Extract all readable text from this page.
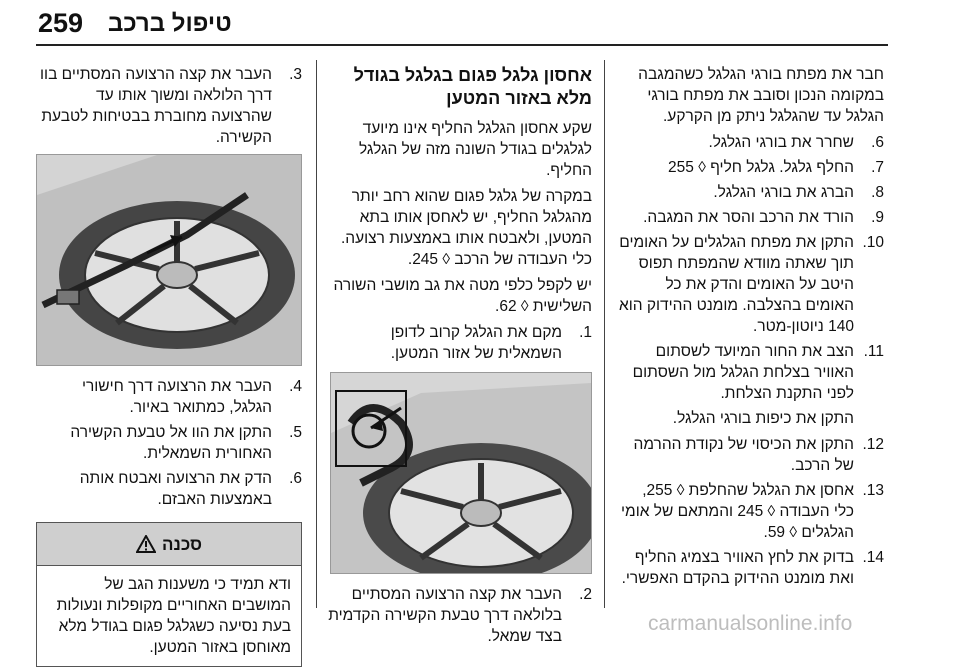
259 טיפול ברכב

חבר את מפתח בורגי הגלגל כשהמגבה במקומה הנכון וסובב את מפתח בורגי הגלגל עד שהגלגל ניתק מן הקרקע.

6.
שחרר את בורגי הגלגל.
7.
החלף גלגל. גלגל חליף ◊ 255
8.
הברג את בורגי הגלגל.
9.
הורד את הרכב והסר את המגבה.
10.
התקן את מפתח הגלגלים על האומים תוך שאתה מוודא שהמפתח תפוס היטב על האומים והדק את כל האומים בהצלבה. מומנט ההידוק הוא 140 ניוטון-מטר.
11.
הצב את החור המיועד לשסתום האוויר בצלחת הגלגל מול השסתום לפני התקנת הצלחת.

התקן את כיפות בורגי הגלגל.

12.
התקן את הכיסוי של נקודת ההרמה של הרכב.
13.
אחסן את הגלגל שהחלפת ◊ 255, כלי העבודה ◊ 245 והמתאם של אומי הגלגלים ◊ 59.
14.
בדוק את לחץ האוויר בצמיג החליף ואת מומנט ההידוק בהקדם האפשרי.

אחסון גלגל פגום בגלגל בגודל מלא באזור המטען

שקע אחסון הגלגל החליף אינו מיועד לגלגלים בגודל השונה מזה של הגלגל החליף.

במקרה של גלגל פגום שהוא רחב יותר מהגלגל החליף, יש לאחסן אותו בתא המטען, ולאבטח אותו באמצעות רצועה. כלי העבודה של הרכב ◊ 245.

יש לקפל כלפי מטה את גב מושבי השורה השלישית ◊ 62.

1.
מקם את הגלגל קרוב לדופן השמאלית של אזור המטען.
2.
העבר את קצה הרצועה המסתיים בלולאה דרך טבעת הקשירה הקדמית בצד שמאל.
3.
העבר את קצה הרצועה המסתיים בוו דרך הלולאה ומשוך אותו עד שהרצועה מחוברת בבטיחות לטבעת הקשירה.
4.
העבר את הרצועה דרך חישורי הגלגל, כמתואר באיור.
5.
התקן את הוו אל טבעת הקשירה האחורית השמאלית.
6.
הדק את הרצועה ואבטח אותה באמצעות האבזם.
סכנה
ודא תמיד כי משענות הגב של המושבים האחוריים מקופלות ונעולות בעת נסיעה כשגלגל פגום בגודל מלא מאוחסן באזור המטען.
carmanualsonline.info
